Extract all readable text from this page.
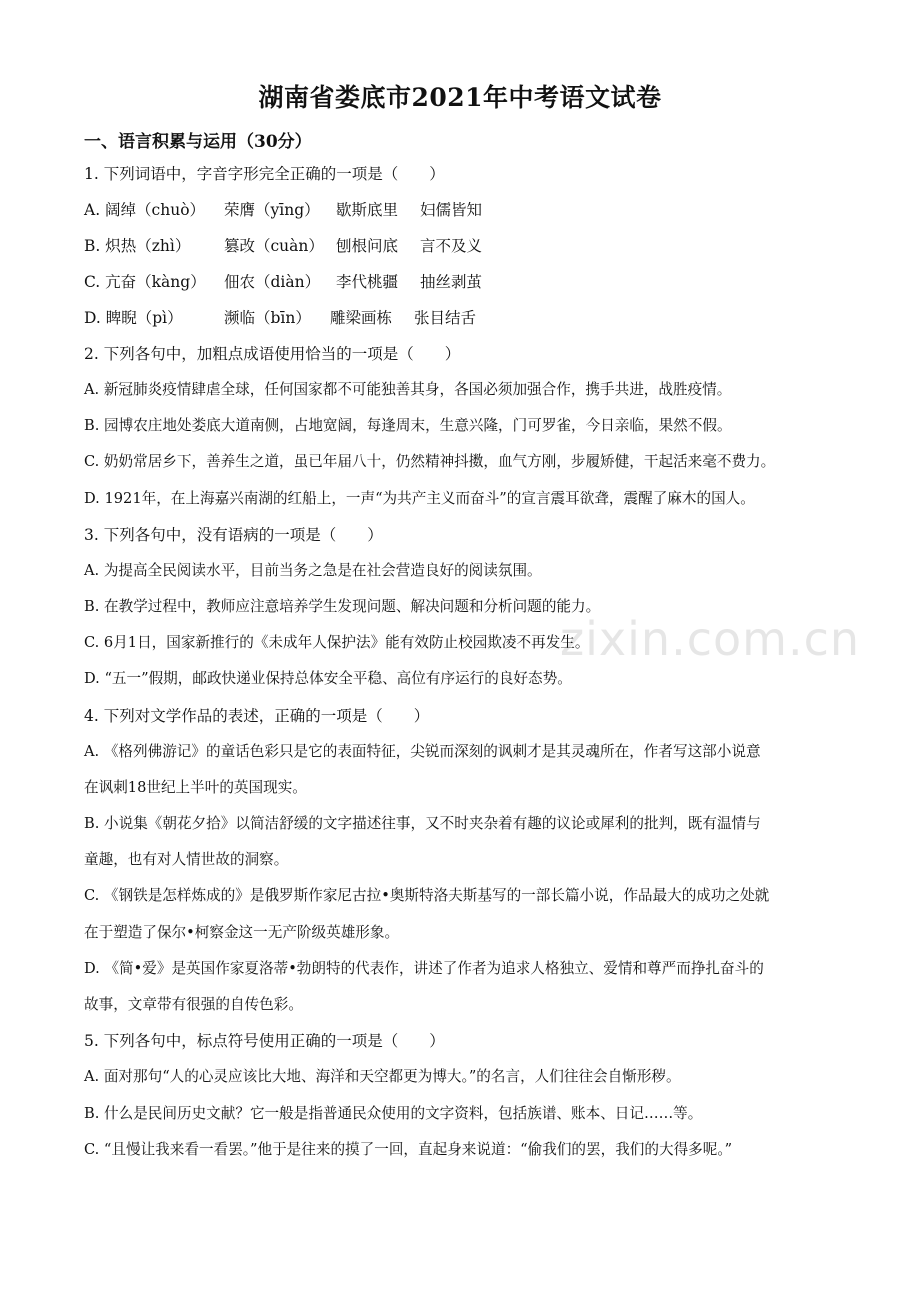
zixin.com.cn
湖南省娄底市2021年中考语文试卷
一、语言积累与运用（30分）
1. 下列词语中，字音字形完全正确的一项是（　　）
A. 阔绰（chuò） 荣膺（yīng） 歇斯底里 妇儒皆知
B. 炽热（zhì） 篡改（cuàn） 刨根问底 言不及义
C. 亢奋（kàng） 佃农（diàn） 李代桃疆 抽丝剥茧
D. 睥睨（pì）	濒临（bīn） 雕梁画栋 张目结舌
2. 下列各句中，加粗点成语使用恰当的一项是（　　）
A. 新冠肺炎疫情肆虐全球，任何国家都不可能独善其身，各国必须加强合作，携手共进，战胜疫情。
B. 园博农庄地处娄底大道南侧，占地宽阔，每逢周末，生意兴隆，门可罗雀，今日亲临，果然不假。
C. 奶奶常居乡下，善养生之道，虽已年届八十，仍然精神抖擞，血气方刚，步履矫健，干起活来毫不费力。
D. 1921年，在上海嘉兴南湖的红船上，一声“为共产主义而奋斗”的宣言震耳欲聋，震醒了麻木的国人。
3. 下列各句中，没有语病的一项是（　　）
A. 为提高全民阅读水平，目前当务之急是在社会营造良好的阅读氛围。
B. 在教学过程中，教师应注意培养学生发现问题、解决问题和分析问题的能力。
C. 6月1日，国家新推行的《未成年人保护法》能有效防止校园欺凌不再发生。
D. “五一”假期，邮政快递业保持总体安全平稳、高位有序运行的良好态势。
4. 下列对文学作品的表述，正确的一项是（　　）
A. 《格列佛游记》的童话色彩只是它的表面特征，尖锐而深刻的讽刺才是其灵魂所在，作者写这部小说意
在讽刺18世纪上半叶的英国现实。
B. 小说集《朝花夕拾》以简洁舒缓的文字描述往事，又不时夹杂着有趣的议论或犀利的批判，既有温情与
童趣，也有对人情世故的洞察。
C. 《钢铁是怎样炼成的》是俄罗斯作家尼古拉•奥斯特洛夫斯基写的一部长篇小说，作品最大的成功之处就
在于塑造了保尔•柯察金这一无产阶级英雄形象。
D. 《简•爱》是英国作家夏洛蒂•勃朗特的代表作，讲述了作者为追求人格独立、爱情和尊严而挣扎奋斗的
故事，文章带有很强的自传色彩。
5. 下列各句中，标点符号使用正确的一项是（　　）
A. 面对那句“人的心灵应该比大地、海洋和天空都更为博大。”的名言，人们往往会自惭形秽。
B. 什么是民间历史文献？它一般是指普通民众使用的文字资料，包括族谱、账本、日记……等。
C. “且慢让我来看一看罢。”他于是往来的摸了一回，直起身来说道：“偷我们的罢，我们的大得多呢。”
